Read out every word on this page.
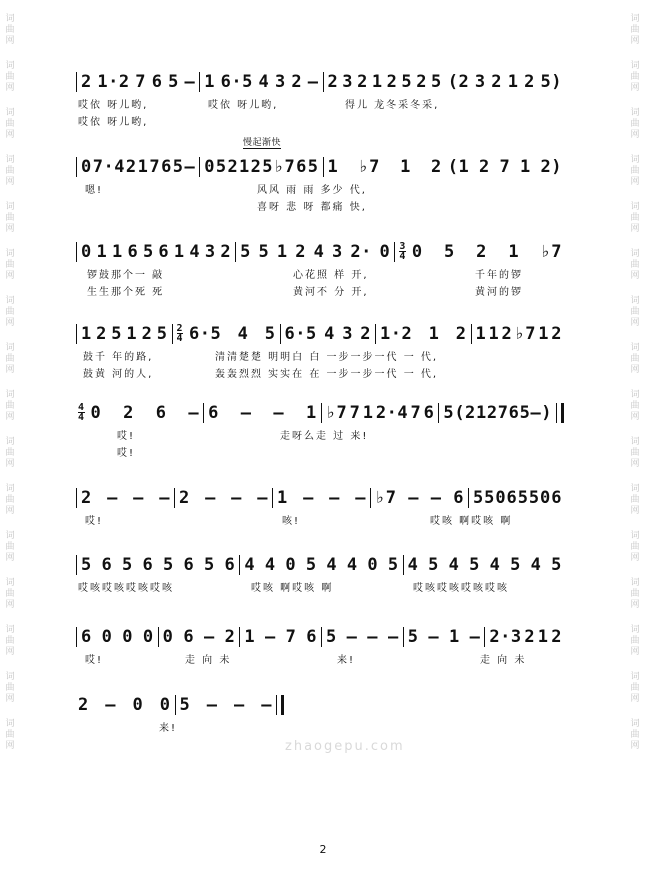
词
曲
网
词
曲
网
词
曲
网
词
曲
网
词
曲
网
词
曲
网
词
曲
网
词
曲
网
词
曲
网
词
曲
网
词
曲
网
词
曲
网
词
曲
网
词
曲
网
词
曲
网
词
曲
网
词
曲
网
词
曲
网
词
曲
网
词
曲
网
词
曲
网
词
曲
网
词
曲
网
词
曲
网
词
曲
网
词
曲
网
词
曲
网
词
曲
网
词
曲
网
词
曲
网
词
曲
网
词
曲
网
2 1·2 7 6 5 – 1 6·5 4 3 2 – 2 3 2 1 2 5 2 5 (2 3 2 1 2 5)
哎依 呀儿哟,	哎依 呀儿哟,	得儿 龙冬采冬采,
哎依 呀儿哟,
慢起渐快
0 7·4 2 1 7 6 5 – 0 5 2 1 2 5 ♭7 6 5 1 ♭7 1 2 (1 2 7 1 2)
嗯!	风风 雨 雨 多少 代,
喜呀 悲 呀 都痛 快,
0 1 1 6 5 6 1 4 3 2 5 5 1 2 4 3 2· 0 3
4 0 5 2 1 ♭7
锣鼓那个一 敲	心花照 样 开,	千年的锣
生生那个死 死	黄河不 分 开,	黄河的锣
1 2 5 1 2 5 2
4 6·5 4 5 6·5 4 3 2 1·2 1 2 1 1 2 ♭7 1 2
鼓千 年的路,	清清楚楚 明明白 白 一步一步一代 一 代,
鼓黄 河的人,	轰轰烈烈 实实在 在 一步一步一代 一 代,
4
4 0 2 6 – 6 – – 1 ♭7 7 1 2·4 7 6 5 (2 1 2 7 6 5 –)
哎!	走呀么走 过 来!
哎!
2 – – – 2 – – – 1 – – – ♭7 – – 6 5 5 0 6 5 5 0 6
哎!	咳!	哎咳 啊哎咳 啊
5 6 5 6 5 6 5 6 4 4 0 5 4 4 0 5 4 5 4 5 4 5 4 5
哎咳哎咳哎咳哎咳	哎咳 啊哎咳 啊	哎咳哎咳哎咳哎咳
6 0 0 0 0 6 – 2 1 – 7 6 5 – – – 5 – 1 – 2·3 2 1 2
哎!	走 向 未	来!	走 向 未
2 – 0 0 5 – – –
来!
zhaogepu.com
2
